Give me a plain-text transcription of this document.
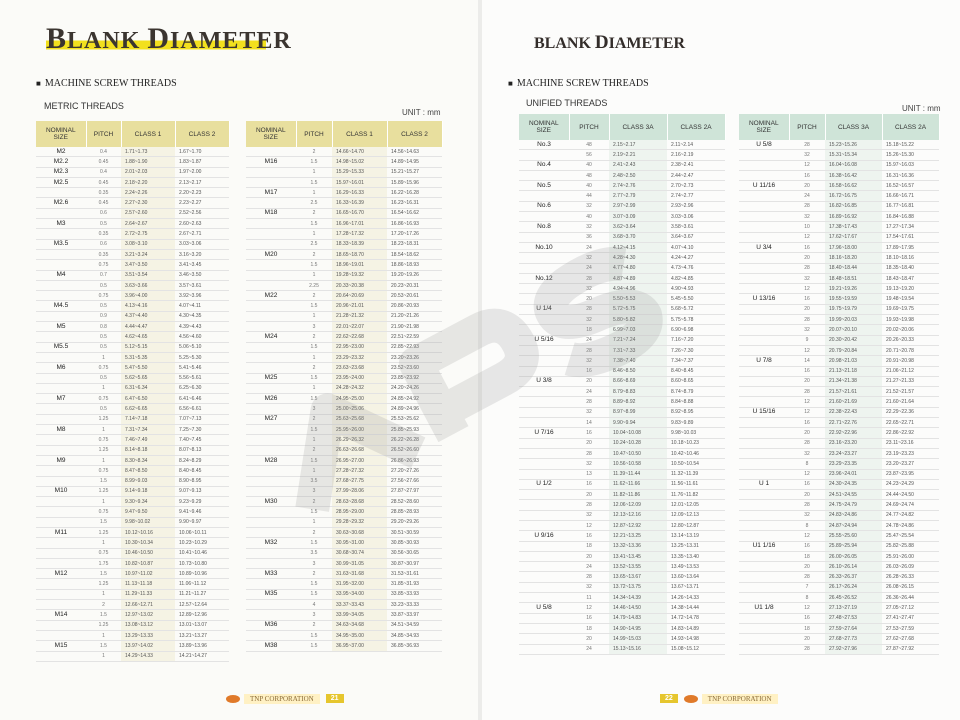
BLANK DIAMETER
■ MACHINE SCREW THREADS
METRIC THREADS
UNIT : mm
NOMINAL SIZE	PITCH	CLASS 1	CLASS 2
M2	0.4	1.71~1.73	1.67~1.70
M2.2	0.45	1.88~1.90	1.83~1.87
M2.3	0.4	2.01~2.03	1.97~2.00
M2.5	0.45	2.18~2.20	2.13~2.17
	0.35	2.24~2.26	2.20~2.23
M2.6	0.45	2.27~2.30	2.23~2.27
	0.6	2.57~2.60	2.52~2.56
M3	0.5	2.64~2.67	2.60~2.63
	0.35	2.72~2.75	2.67~2.71
M3.5	0.6	3.08~3.10	3.03~3.06
	0.35	3.21~3.24	3.16~3.20
	0.75	3.47~3.50	3.41~3.45
M4	0.7	3.51~3.54	3.46~3.50
	0.5	3.63~3.66	3.57~3.61
	0.75	3.96~4.00	3.92~3.96
M4.5	0.5	4.13~4.16	4.07~4.11
	0.9	4.37~4.40	4.30~4.35
M5	0.8	4.44~4.47	4.39~4.43
	0.5	4.62~4.65	4.56~4.60
M5.5	0.5	5.12~5.15	5.06~5.10
	1	5.31~5.35	5.25~5.30
M6	0.75	5.47~5.50	5.41~5.46
	0.5	5.62~5.65	5.56~5.61
	1	6.31~6.34	6.25~6.30
M7	0.75	6.47~6.50	6.41~6.46
	0.5	6.62~6.65	6.56~6.61
	1.25	7.14~7.18	7.07~7.13
M8	1	7.31~7.34	7.25~7.30
	0.75	7.46~7.49	7.40~7.45
	1.25	8.14~8.18	8.07~8.13
M9	1	8.30~8.34	8.24~8.29
	0.75	8.47~8.50	8.40~8.45
	1.5	8.99~9.03	8.90~8.95
M10	1.25	9.14~9.18	9.07~9.13
	1	9.30~9.34	9.23~9.29
	0.75	9.47~9.50	9.41~9.46
	1.5	9.98~10.02	9.90~9.97
M11	1.25	10.12~10.16	10.06~10.11
	1	10.30~10.34	10.23~10.29
	0.75	10.46~10.50	10.41~10.46
	1.75	10.82~10.87	10.73~10.80
M12	1.5	10.97~11.02	10.89~10.96
	1.25	11.13~11.18	11.06~11.12
	1	11.29~11.33	11.21~11.27
	2	12.66~12.71	12.57~12.64
M14	1.5	12.97~13.02	12.89~12.96
	1.25	13.08~13.12	13.01~13.07
	1	13.29~13.33	13.21~13.27
M15	1.5	13.97~14.02	13.89~13.96
	1	14.29~14.33	14.21~14.27
NOMINAL SIZE	PITCH	CLASS 1	CLASS 2
	2	14.66~14.70	14.56~14.63
M16	1.5	14.98~15.02	14.89~14.95
	1	15.29~15.33	15.21~15.27
	1.5	15.97~16.01	15.89~15.96
M17	1	16.29~16.33	16.22~16.28
	2.5	16.33~16.39	16.23~16.31
M18	2	16.65~16.70	16.54~16.62
	1.5	16.96~17.01	16.86~16.93
	1	17.28~17.32	17.20~17.26
	2.5	18.33~18.39	18.23~18.31
M20	2	18.65~18.70	18.54~18.62
	1.5	18.96~19.01	18.86~18.93
	1	19.28~19.32	19.20~19.26
	2.25	20.33~20.38	20.23~20.31
M22	2	20.64~20.69	20.53~20.61
	1.5	20.96~21.01	20.86~20.93
	1	21.28~21.32	21.20~21.26
	3	22.01~22.07	21.90~21.98
M24	2	22.62~22.68	22.51~22.59
	1.5	22.95~23.00	22.85~22.93
	1	23.29~23.32	23.20~23.26
	2	23.63~23.68	23.52~23.60
M25	1.5	23.95~24.00	23.85~23.92
	1	24.28~24.32	24.20~24.26
M26	1.5	24.95~25.00	24.85~24.92
	3	25.00~25.06	24.89~24.96
M27	2	25.63~25.68	25.53~25.62
	1.5	25.95~26.00	25.85~25.93
	1	26.29~26.32	26.22~26.28
	2	26.63~26.68	26.52~26.60
M28	1.5	26.95~27.00	26.86~26.93
	1	27.28~27.32	27.20~27.26
	3.5	27.68~27.75	27.56~27.66
	3	27.99~28.06	27.87~27.97
M30	2	28.63~28.68	28.52~28.60
	1.5	28.95~29.00	28.85~28.93
	1	29.28~29.32	29.20~29.26
	2	30.63~30.68	30.51~30.59
M32	1.5	30.95~31.00	30.85~30.93
	3.5	30.68~30.74	30.56~30.65
	3	30.99~31.05	30.87~30.97
M33	2	31.63~31.68	31.53~31.61
	1.5	31.95~32.00	31.85~31.93
M35	1.5	33.95~34.00	33.85~33.93
	4	33.37~33.43	33.23~33.33
	3	33.99~34.05	33.87~33.97
M36	2	34.63~34.68	34.51~34.59
	1.5	34.95~35.00	34.85~34.93
M38	1.5	36.95~37.00	36.85~36.93
TNP CORPORATION 21
BLANK DIAMETER
■ MACHINE SCREW THREADS
UNIFIED THREADS
UNIT : mm
NOMINAL SIZE	PITCH	CLASS 3A	CLASS 2A
No.3	48	2.15~2.17	2.11~2.14
	56	2.19~2.21	2.16~2.19
No.4	40	2.41~2.43	2.38~2.41
	48	2.48~2.50	2.44~2.47
No.5	40	2.74~2.76	2.70~2.73
	44	2.77~2.79	2.74~2.77
No.6	32	2.97~2.99	2.93~2.96
	40	3.07~3.09	3.03~3.06
No.8	32	3.62~3.64	3.58~3.61
	36	3.68~3.70	3.64~3.67
No.10	24	4.12~4.15	4.07~4.10
	32	4.28~4.30	4.24~4.27
	24	4.77~4.80	4.73~4.76
No.12	28	4.87~4.89	4.82~4.85
	32	4.94~4.96	4.90~4.93
	20	5.50~5.53	5.45~5.50
U 1/4	28	5.72~5.75	5.68~5.72
	32	5.80~5.82	5.75~5.78
	18	6.99~7.03	6.90~6.98
U 5/16	24	7.21~7.24	7.16~7.20
	28	7.31~7.33	7.26~7.30
	32	7.38~7.40	7.34~7.37
	16	8.46~8.50	8.40~8.45
U 3/8	20	8.66~8.69	8.60~8.65
	24	8.79~8.83	8.74~8.79
	28	8.89~8.92	8.84~8.88
	32	8.97~8.99	8.92~8.95
	14	9.90~9.94	9.83~9.89
U 7/16	16	10.04~10.08	9.98~10.03
	20	10.24~10.28	10.18~10.23
	28	10.47~10.50	10.42~10.46
	32	10.56~10.58	10.50~10.54
	13	11.39~11.44	11.32~11.39
U 1/2	16	11.62~11.66	11.56~11.61
	20	11.82~11.86	11.76~11.82
	28	12.06~12.09	12.01~12.05
	32	12.13~12.16	12.09~12.13
	12	12.87~12.92	12.80~12.87
U 9/16	16	12.21~13.25	13.14~13.19
	18	13.32~13.36	13.25~13.31
	20	13.41~13.45	13.35~13.40
	24	13.52~13.55	13.49~13.53
	28	13.65~13.67	13.60~13.64
	32	13.72~13.75	13.67~13.71
	11	14.34~14.39	14.26~14.33
U 5/8	12	14.46~14.50	14.38~14.44
	16	14.79~14.83	14.72~14.78
	18	14.90~14.95	14.83~14.89
	20	14.99~15.03	14.93~14.98
	24	15.13~15.16	15.08~15.12
NOMINAL SIZE	PITCH	CLASS 3A	CLASS 2A
U 5/8	28	15.23~15.26	15.18~15.22
	32	15.31~15.34	15.26~15.30
	12	16.04~16.08	15.97~16.03
	16	16.38~16.42	16.31~16.36
U 11/16	20	16.58~16.62	16.52~16.57
	24	16.72~16.75	16.66~16.71
	28	16.82~16.85	16.77~16.81
	32	16.89~16.92	16.84~16.88
	10	17.38~17.43	17.27~17.34
	12	17.62~17.67	17.54~17.61
U 3/4	16	17.96~18.00	17.89~17.95
	20	18.16~18.20	18.10~18.16
	28	18.40~18.44	18.35~18.40
	32	18.48~18.51	18.43~18.47
	12	19.21~19.26	19.13~19.20
U 13/16	16	19.55~19.59	19.48~19.54
	20	19.75~19.79	19.69~19.75
	28	19.99~20.03	19.93~19.98
	32	20.07~20.10	20.02~20.06
	9	20.30~20.42	20.26~20.33
	12	20.79~20.84	20.71~20.78
U 7/8	14	20.98~21.03	20.91~20.98
	16	21.13~21.18	21.06~21.12
	20	21.34~21.38	21.27~21.33
	28	21.57~21.61	21.52~21.57
	12	21.60~21.69	21.60~21.64
U 15/16	12	22.38~22.43	22.29~22.36
	16	22.71~22.76	22.65~22.71
	20	22.92~22.96	22.86~22.92
	28	23.16~23.20	23.11~23.16
	32	23.24~23.27	23.19~23.23
	8	23.29~23.35	23.20~23.27
	12	23.96~24.01	23.87~23.95
U 1	16	24.30~24.35	24.23~24.29
	20	24.51~24.55	24.44~24.50
	28	24.75~24.79	24.69~24.74
	32	24.83~24.86	24.77~24.82
	8	24.87~24.94	24.78~24.86
	12	25.55~25.60	25.47~25.54
U1 1/16	16	25.89~25.94	25.82~25.88
	18	26.00~26.05	25.91~26.00
	20	26.10~26.14	26.03~26.09
	28	26.33~26.37	26.28~26.33
	7	26.17~26.24	26.08~26.15
	8	26.45~26.52	26.36~26.44
U1 1/8	12	27.13~27.19	27.05~27.12
	16	27.48~27.53	27.41~27.47
	18	27.59~27.64	27.53~27.59
	20	27.68~27.73	27.62~27.68
	28	27.92~27.96	27.87~27.92
22	TNP CORPORATION
